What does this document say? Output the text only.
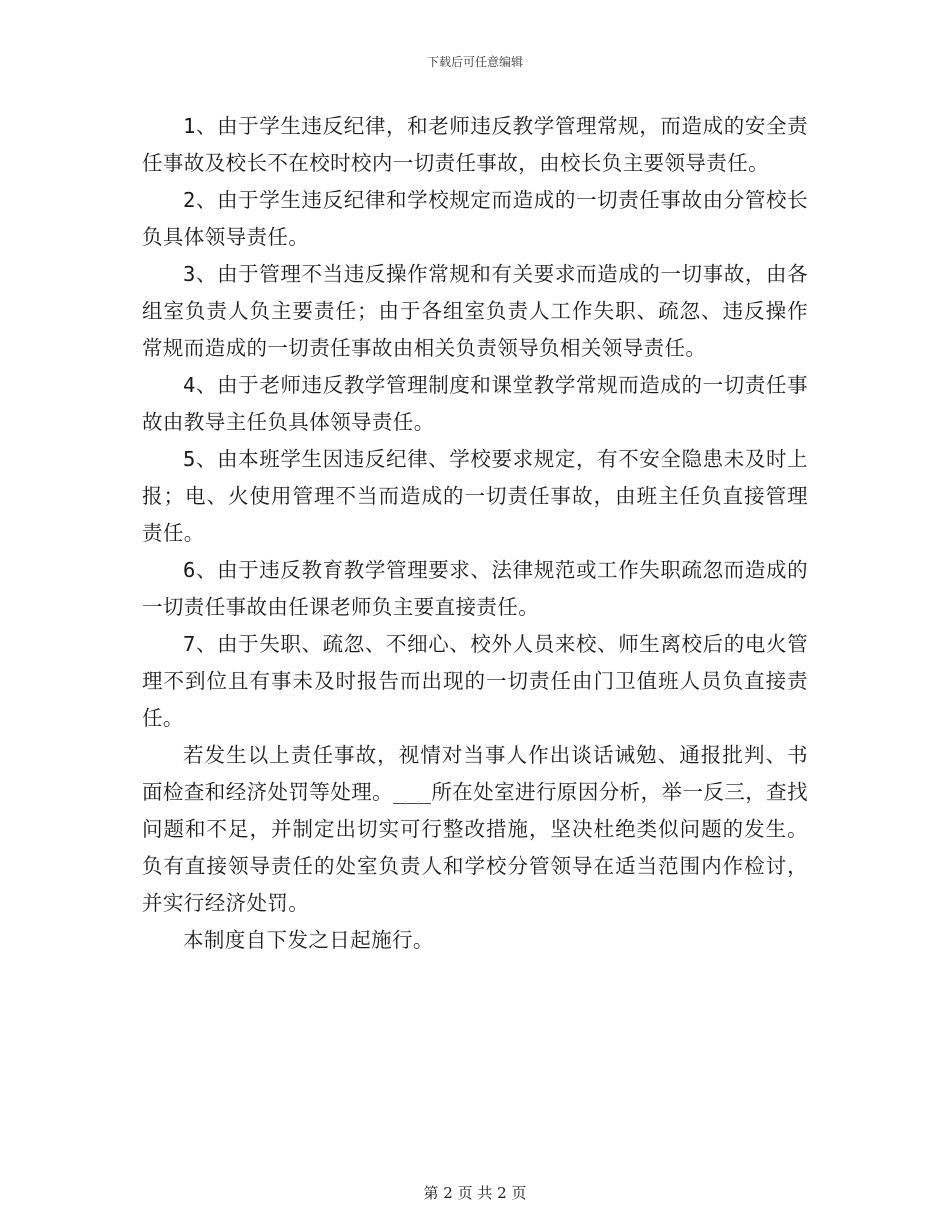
下载后可任意编辑

1、由于学生违反纪律，和老师违反教学管理常规，而造成的安全责任事故及校长不在校时校内一切责任事故，由校长负主要领导责任。

2、由于学生违反纪律和学校规定而造成的一切责任事故由分管校长负具体领导责任。

3、由于管理不当违反操作常规和有关要求而造成的一切事故，由各组室负责人负主要责任；由于各组室负责人工作失职、疏忽、违反操作常规而造成的一切责任事故由相关负责领导负相关领导责任。

4、由于老师违反教学管理制度和课堂教学常规而造成的一切责任事故由教导主任负具体领导责任。

5、由本班学生因违反纪律、学校要求规定，有不安全隐患未及时上报；电、火使用管理不当而造成的一切责任事故，由班主任负直接管理责任。

6、由于违反教育教学管理要求、法律规范或工作失职疏忽而造成的一切责任事故由任课老师负主要直接责任。

7、由于失职、疏忽、不细心、校外人员来校、师生离校后的电火管理不到位且有事未及时报告而出现的一切责任由门卫值班人员负直接责任。

若发生以上责任事故，视情对当事人作出谈话诫勉、通报批判、书面检查和经济处罚等处理。___所在处室进行原因分析，举一反三，查找问题和不足，并制定出切实可行整改措施，坚决杜绝类似问题的发生。负有直接领导责任的处室负责人和学校分管领导在适当范围内作检讨，并实行经济处罚。

本制度自下发之日起施行。

第 2 页 共 2 页
